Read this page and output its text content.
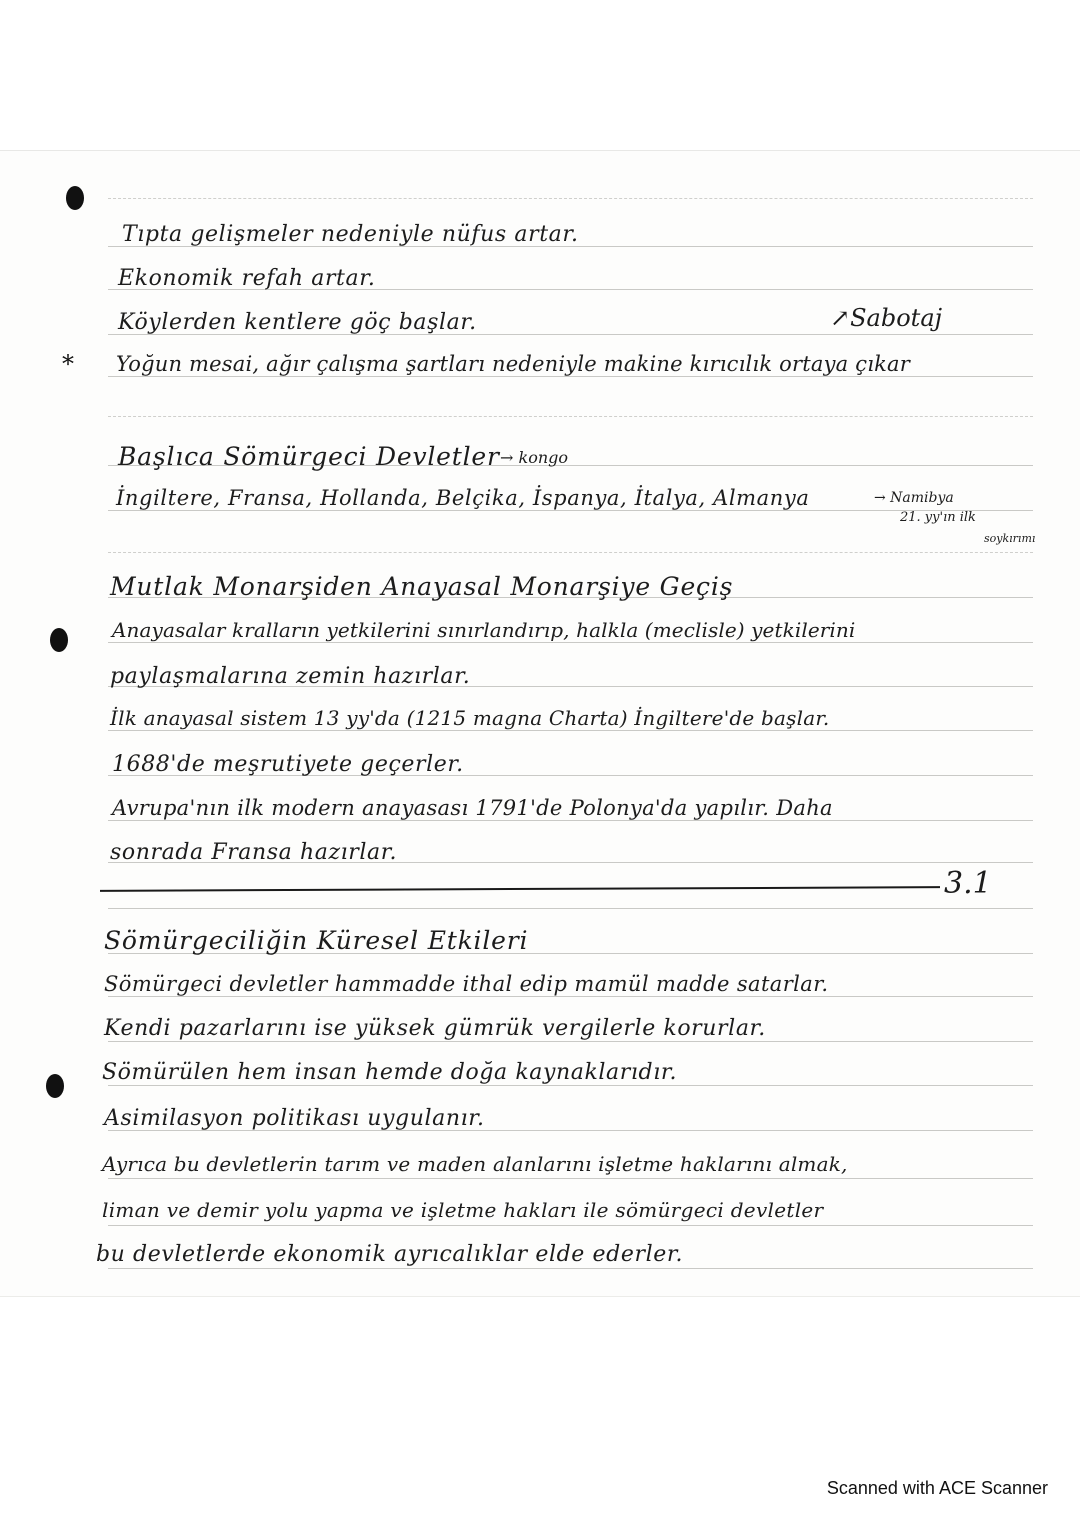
Tıpta gelişmeler nedeniyle nüfus artar.
Ekonomik refah artar.
Köylerden kentlere göç başlar.	↗Sabotaj
* Yoğun mesai, ağır çalışma şartları nedeniyle makine kırıcılık ortaya çıkar
Başlıca Sömürgeci Devletler → kongo
İngiltere, Fransa, Hollanda, Belçika, İspanya, İtalya, Almanya	→ Namibya
21. yy'ın ilk
soykırımı
Mutlak Monarşiden Anayasal Monarşiye Geçiş
Anayasalar kralların yetkilerini sınırlandırıp, halkla (meclisle) yetkilerini
paylaşmalarına zemin hazırlar.
İlk anayasal sistem 13 yy'da (1215 magna Charta) İngiltere'de başlar.
1688'de meşrutiyete geçerler.
Avrupa'nın ilk modern anayasası 1791'de Polonya'da yapılır. Daha
sonrada Fransa hazırlar.
3.1
Sömürgeciliğin Küresel Etkileri
Sömürgeci devletler hammadde ithal edip mamül madde satarlar.
Kendi pazarlarını ise yüksek gümrük vergilerle korurlar.
Sömürülen hem insan hemde doğa kaynaklarıdır.
Asimilasyon politikası uygulanır.
Ayrıca bu devletlerin tarım ve maden alanlarını işletme haklarını almak,
liman ve demir yolu yapma ve işletme hakları ile sömürgeci devletler
bu devletlerde ekonomik ayrıcalıklar elde ederler.
Scanned with ACE Scanner
